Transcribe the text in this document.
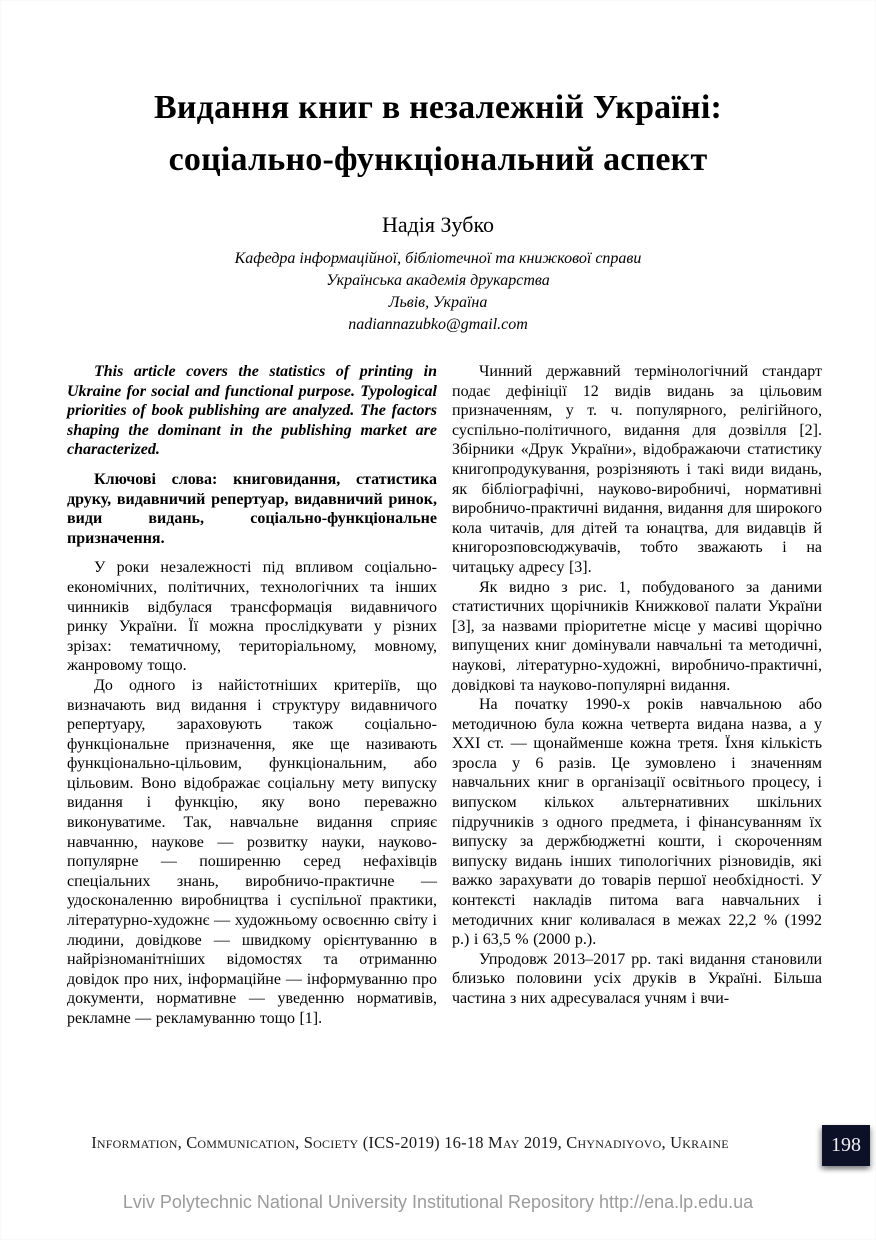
Видання книг в незалежній Україні:
соціально-функціональний аспект
Надія Зубко
Кафедра інформаційної, бібліотечної та книжкової справи
Українська академія друкарства
Львів, Україна
nadiannazubko@gmail.com

This article covers the statistics of printing in Ukraine for social and functional purpose. Typological priorities of book publishing are analyzed. The factors shaping the dominant in the publishing market are characterized.

Ключові слова: книговидання, статистика друку, видавничий репертуар, видавничий ринок, види видань, соціально-функціональне призначення.

У роки незалежності під впливом соціально-економічних, політичних, технологічних та інших чинників відбулася трансформація видавничого ринку України. Її можна прослідкувати у різних зрізах: тематичному, територіальному, мовному, жанровому тощо.

До одного із найістотніших критеріїв, що визначають вид видання і структуру видавничого репертуару, зараховують також соціально-функціональне призначення, яке ще називають функціонально-цільовим, функціональним, або цільовим. Воно відображає соціальну мету випуску видання і функцію, яку воно переважно виконуватиме. Так, навчальне видання сприяє навчанню, наукове — розвитку науки, науково-популярне — поширенню серед нефахівців спеціальних знань, виробничо-практичне — удосконаленню виробництва і суспільної практики, літературно-художнє — художньому освоєнню світу і людини, довідкове — швидкому орієнтуванню в найрізноманітніших відомостях та отриманню довідок про них, інформаційне — інформуванню про документи, нормативне — уведенню нормативів, рекламне — рекламуванню тощо [1].

Чинний державний термінологічний стандарт подає дефініції 12 видів видань за цільовим призначенням, у т. ч. популярного, релігійного, суспільно-політичного, видання для дозвілля [2]. Збірники «Друк України», відображаючи статистику книгопродукування, розрізняють і такі види видань, як бібліографічні, науково-виробничі, нормативні виробничо-практичні видання, видання для широкого кола читачів, для дітей та юнацтва, для видавців й книгорозповсюджувачів, тобто зважають і на читацьку адресу [3].

Як видно з рис. 1, побудованого за даними статистичних щорічників Книжкової палати України [3], за назвами пріоритетне місце у масиві щорічно випущених книг домінували навчальні та методичні, наукові, літературно-художні, виробничо-практичні, довідкові та науково-популярні видання.

На початку 1990-х років навчальною або методичною була кожна четверта видана назва, а у XXI ст. — щонайменше кожна третя. Їхня кількість зросла у 6 разів. Це зумовлено і значенням навчальних книг в організації освітнього процесу, і випуском кількох альтернативних шкільних підручників з одного предмета, і фінансуванням їх випуску за держбюджетні кошти, і скороченням випуску видань інших типологічних різновидів, які важко зарахувати до товарів першої необхідності. У контексті накладів питома вага навчальних і методичних книг коливалася в межах 22,2 % (1992 р.) і 63,5 % (2000 р.).

Упродовж 2013–2017 рр. такі видання становили близько половини усіх друків в Україні. Більша частина з них адресувалася учням і вчи-

Information, Communication, Society (ICS-2019) 16-18 May 2019, Chynadiyovo, Ukraine	198
Lviv Polytechnic National University Institutional Repository http://ena.lp.edu.ua
